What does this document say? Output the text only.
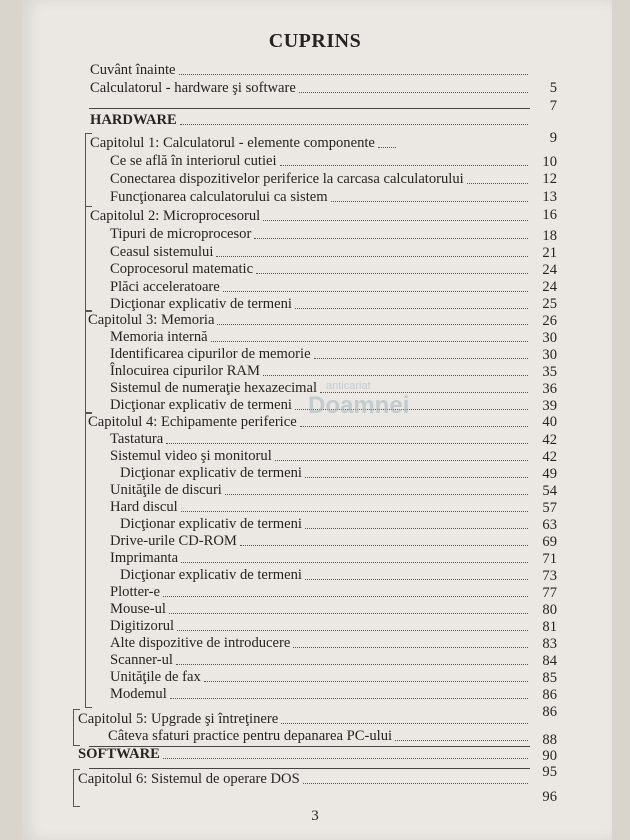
CUPRINS
Cuvânt înainte
5
Calculatorul - hardware şi software
7
HARDWARE
9
Capitolul 1: Calculatorul - elemente componente
10
Ce se află în interiorul cutiei
12
Conectarea dispozitivelor periferice la carcasa calculatorului
13
Funcţionarea calculatorului ca sistem
16
Capitolul 2: Microprocesorul
18
Tipuri de microprocesor
21
Ceasul sistemului
24
Coprocesorul matematic
24
Plăci acceleratoare
25
Dicţionar explicativ de termeni
26
Capitolul 3: Memoria
30
Memoria internă
30
Identificarea cipurilor de memorie
35
Înlocuirea cipurilor RAM
36
Sistemul de numeraţie hexazecimal
39
Dicţionar explicativ de termeni
40
Capitolul 4: Echipamente periferice
42
Tastatura
42
Sistemul video şi monitorul
49
Dicţionar explicativ de termeni
54
Unităţile de discuri
57
Hard discul
63
Dicţionar explicativ de termeni
69
Drive-urile CD-ROM
71
Imprimanta
73
Dicţionar explicativ de termeni
77
Plotter-e
80
Mouse-ul
81
Digitizorul
83
Alte dispozitive de introducere
84
Scanner-ul
85
Unităţile de fax
86
Modemul
86
Capitolul 5: Upgrade şi întreţinere
88
Câteva sfaturi practice pentru depanarea PC-ului
90
SOFTWARE
95
Capitolul 6: Sistemul de operare DOS
96
anticariat
Doamnei
3
